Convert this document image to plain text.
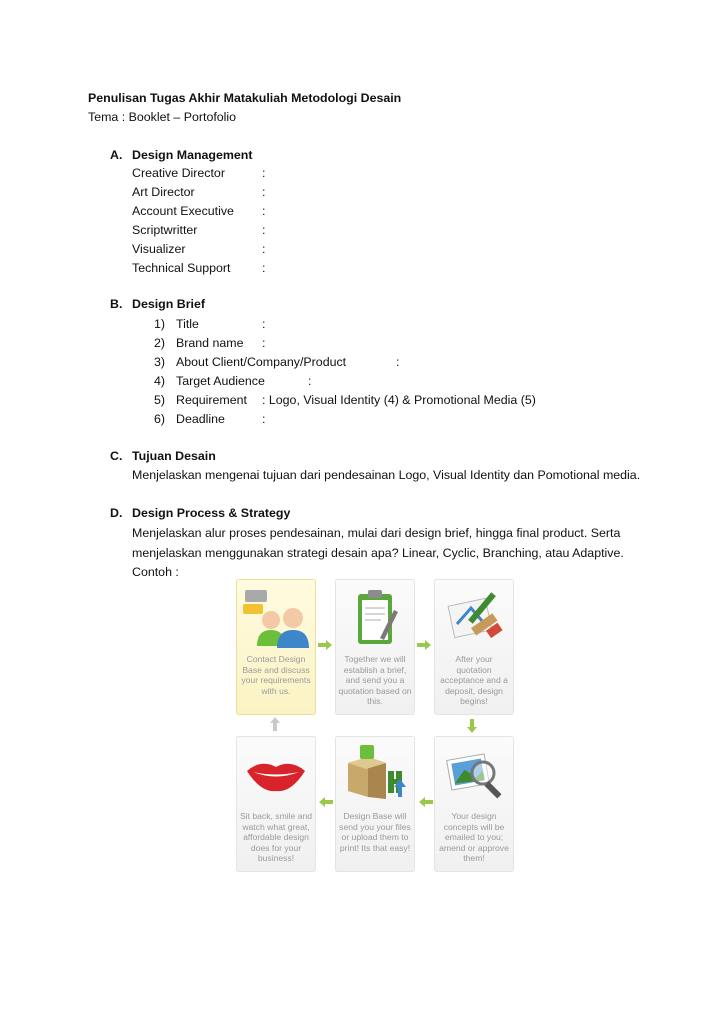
Penulisan Tugas Akhir Matakuliah Metodologi Desain
Tema : Booklet – Portofolio
A. Design Management
Creative Director	:
Art Director	:
Account Executive :
Scriptwritter	:
Visualizer	:
Technical Support	:
B. Design Brief
1) Title	:
2) Brand name :
3) About Client/Company/Product	:
4) Target Audience	:
5) Requirement : Logo, Visual Identity (4) & Promotional Media (5)
6) Deadline	:
C. Tujuan Desain
Menjelaskan mengenai tujuan dari pendesainan Logo, Visual Identity dan Pomotional media.
D. Design Process & Strategy
Menjelaskan alur proses pendesainan, mulai dari design brief, hingga final product. Serta
menjelaskan menggunakan strategi desain apa? Linear, Cyclic, Branching, atau Adaptive.
Contoh :
Contact Design Base and discuss your requirements with us.
Together we will establish a brief, and send you a quotation based on this.
After your quotation acceptance and a deposit, design begins!
Sit back, smile and watch what great, affordable design does for your business!
Design Base will send you your files or upload them to print! Its that easy!
Your design concepts will be emailed to you; amend or approve them!
